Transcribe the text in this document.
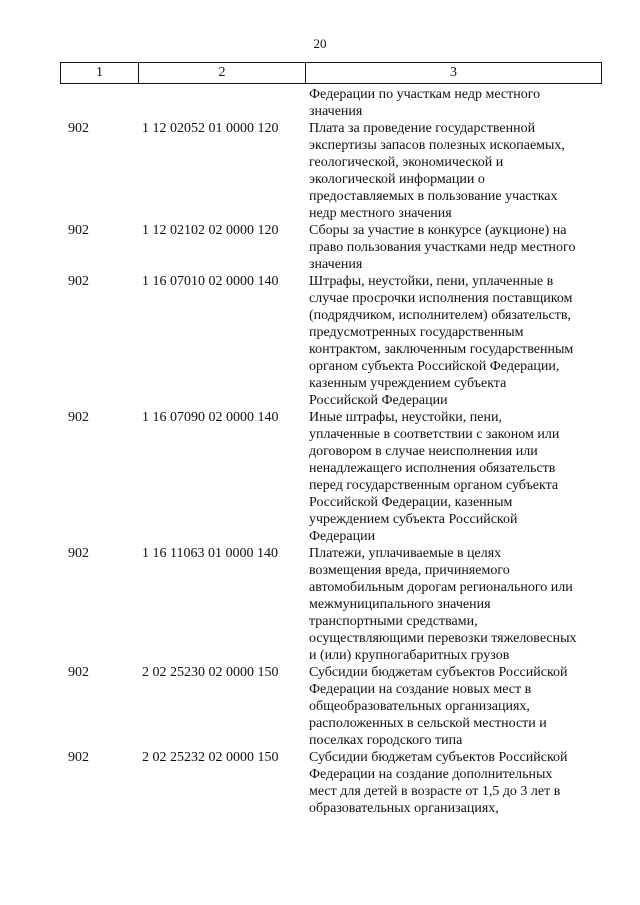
20
1	2	3
Федерации по участкам недр местного
значения
902	1 12 02052 01 0000 120	Плата за проведение государственной
экспертизы запасов полезных ископаемых,
геологической, экономической и
экологической информации о
предоставляемых в пользование участках
недр местного значения
902	1 12 02102 02 0000 120	Сборы за участие в конкурсе (аукционе) на
право пользования участками недр местного
значения
902	1 16 07010 02 0000 140	Штрафы, неустойки, пени, уплаченные в
случае просрочки исполнения поставщиком
(подрядчиком, исполнителем) обязательств,
предусмотренных государственным
контрактом, заключенным государственным
органом субъекта Российской Федерации,
казенным учреждением субъекта
Российской Федерации
902	1 16 07090 02 0000 140	Иные штрафы, неустойки, пени,
уплаченные в соответствии с законом или
договором в случае неисполнения или
ненадлежащего исполнения обязательств
перед государственным органом субъекта
Российской Федерации, казенным
учреждением субъекта Российской
Федерации
902	1 16 11063 01 0000 140	Платежи, уплачиваемые в целях
возмещения вреда, причиняемого
автомобильным дорогам регионального или
межмуниципального значения
транспортными средствами,
осуществляющими перевозки тяжеловесных
и (или) крупногабаритных грузов
902	2 02 25230 02 0000 150	Субсидии бюджетам субъектов Российской
Федерации на создание новых мест в
общеобразовательных организациях,
расположенных в сельской местности и
поселках городского типа
902	2 02 25232 02 0000 150	Субсидии бюджетам субъектов Российской
Федерации на создание дополнительных
мест для детей в возрасте от 1,5 до 3 лет в
образовательных организациях,
